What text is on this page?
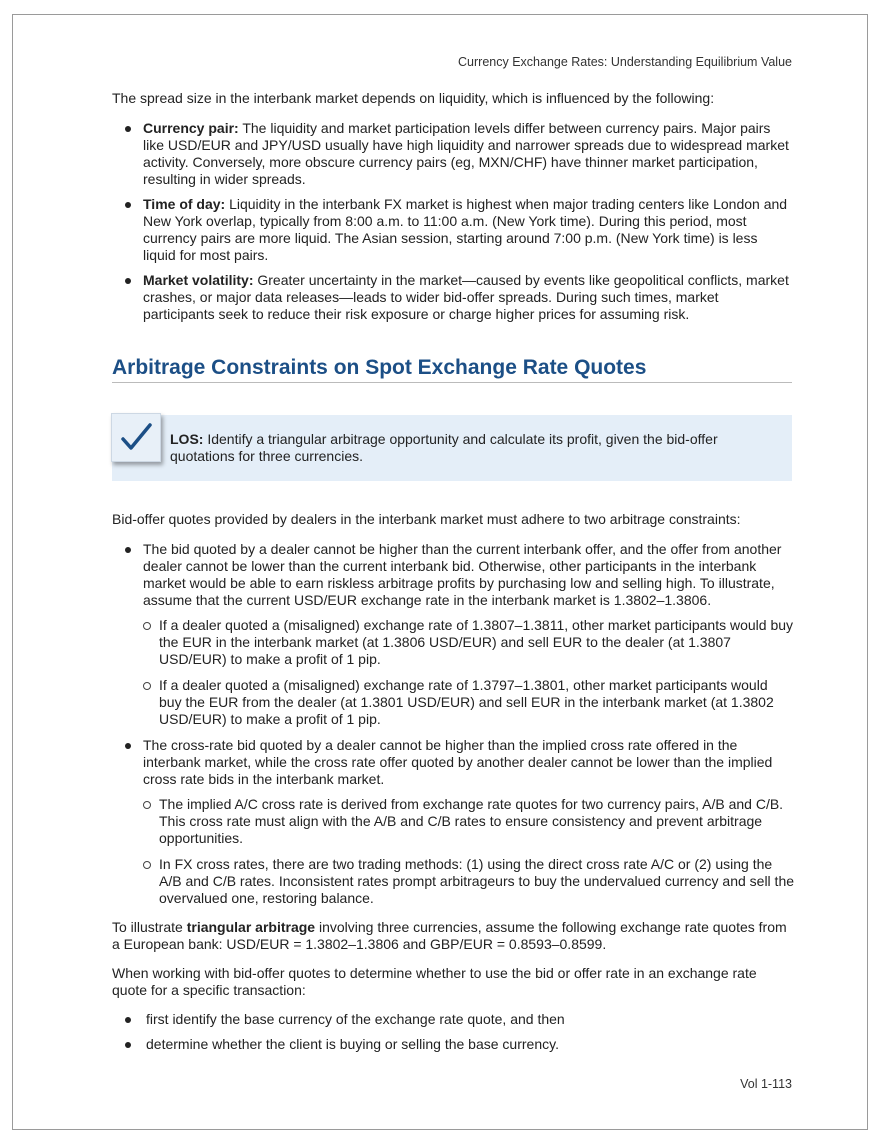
Currency Exchange Rates: Understanding Equilibrium Value

The spread size in the interbank market depends on liquidity, which is influenced by the following:

Currency pair: The liquidity and market participation levels differ between currency pairs. Major pairs like USD/EUR and JPY/USD usually have high liquidity and narrower spreads due to widespread market activity. Conversely, more obscure currency pairs (eg, MXN/CHF) have thinner market participation, resulting in wider spreads.
Time of day: Liquidity in the interbank FX market is highest when major trading centers like London and New York overlap, typically from 8:00 a.m. to 11:00 a.m. (New York time). During this period, most currency pairs are more liquid. The Asian session, starting around 7:00 p.m. (New York time) is less liquid for most pairs.
Market volatility: Greater uncertainty in the market—caused by events like geopolitical conflicts, market crashes, or major data releases—leads to wider bid-offer spreads. During such times, market participants seek to reduce their risk exposure or charge higher prices for assuming risk.
Arbitrage Constraints on Spot Exchange Rate Quotes

LOS: Identify a triangular arbitrage opportunity and calculate its profit, given the bid-offer quotations for three currencies.

Bid-offer quotes provided by dealers in the interbank market must adhere to two arbitrage constraints:

The bid quoted by a dealer cannot be higher than the current interbank offer, and the offer from another dealer cannot be lower than the current interbank bid. Otherwise, other participants in the interbank market would be able to earn riskless arbitrage profits by purchasing low and selling high. To illustrate, assume that the current USD/EUR exchange rate in the interbank market is 1.3802–1.3806.
If a dealer quoted a (misaligned) exchange rate of 1.3807–1.3811, other market participants would buy the EUR in the interbank market (at 1.3806 USD/EUR) and sell EUR to the dealer (at 1.3807 USD/EUR) to make a profit of 1 pip.
If a dealer quoted a (misaligned) exchange rate of 1.3797–1.3801, other market participants would buy the EUR from the dealer (at 1.3801 USD/EUR) and sell EUR in the interbank market (at 1.3802 USD/EUR) to make a profit of 1 pip.
The cross-rate bid quoted by a dealer cannot be higher than the implied cross rate offered in the interbank market, while the cross rate offer quoted by another dealer cannot be lower than the implied cross rate bids in the interbank market.
The implied A/C cross rate is derived from exchange rate quotes for two currency pairs, A/B and C/B. This cross rate must align with the A/B and C/B rates to ensure consistency and prevent arbitrage opportunities.
In FX cross rates, there are two trading methods: (1) using the direct cross rate A/C or (2) using the A/B and C/B rates. Inconsistent rates prompt arbitrageurs to buy the undervalued currency and sell the overvalued one, restoring balance.

To illustrate triangular arbitrage involving three currencies, assume the following exchange rate quotes from a European bank: USD/EUR = 1.3802–1.3806 and GBP/EUR = 0.8593–0.8599.

When working with bid-offer quotes to determine whether to use the bid or offer rate in an exchange rate quote for a specific transaction:

first identify the base currency of the exchange rate quote, and then
determine whether the client is buying or selling the base currency.
Vol 1-113
